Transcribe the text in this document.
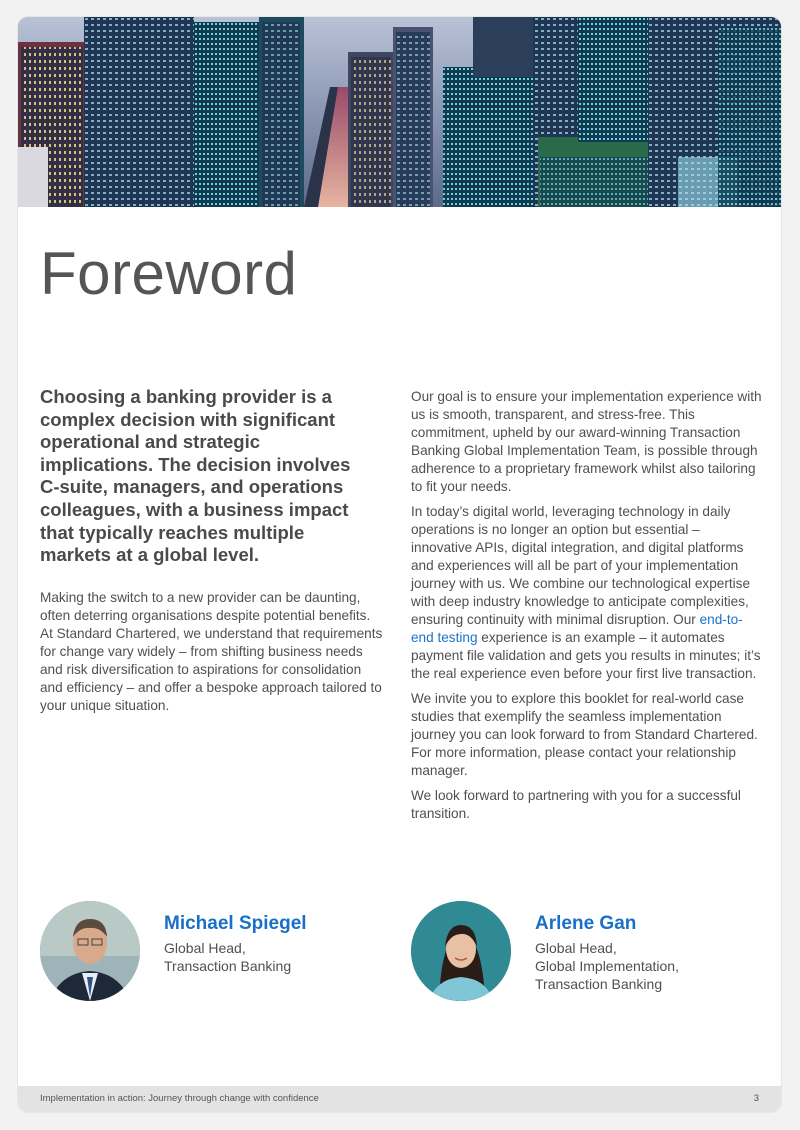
Foreword

Choosing a banking provider is a complex decision with significant operational and strategic implications. The decision involves C-suite, managers, and operations colleagues, with a business impact that typically reaches multiple markets at a global level.

Making the switch to a new provider can be daunting, often deterring organisations despite potential benefits. At Standard Chartered, we understand that requirements for change vary widely – from shifting business needs and risk diversification to aspirations for consolidation and efficiency – and offer a bespoke approach tailored to your unique situation.

Our goal is to ensure your implementation experience with us is smooth, transparent, and stress-free. This commitment, upheld by our award-winning Transaction Banking Global Implementation Team, is possible through adherence to a proprietary framework whilst also tailoring to fit your needs.

In today’s digital world, leveraging technology in daily operations is no longer an option but essential – innovative APIs, digital integration, and digital platforms and experiences will all be part of your implementation journey with us. We combine our technological expertise with deep industry knowledge to anticipate complexities, ensuring continuity with minimal disruption. Our end-to-end testing experience is an example – it automates payment file validation and gets you results in minutes; it’s the real experience even before your first live transaction.

We invite you to explore this booklet for real-world case studies that exemplify the seamless implementation journey you can look forward to from Standard Chartered. For more information, please contact your relationship manager.

We look forward to partnering with you for a successful transition.

Michael Spiegel

Global Head,
Transaction Banking

Arlene Gan

Global Head,
Global Implementation,
Transaction Banking
Implementation in action: Journey through change with confidence	3
